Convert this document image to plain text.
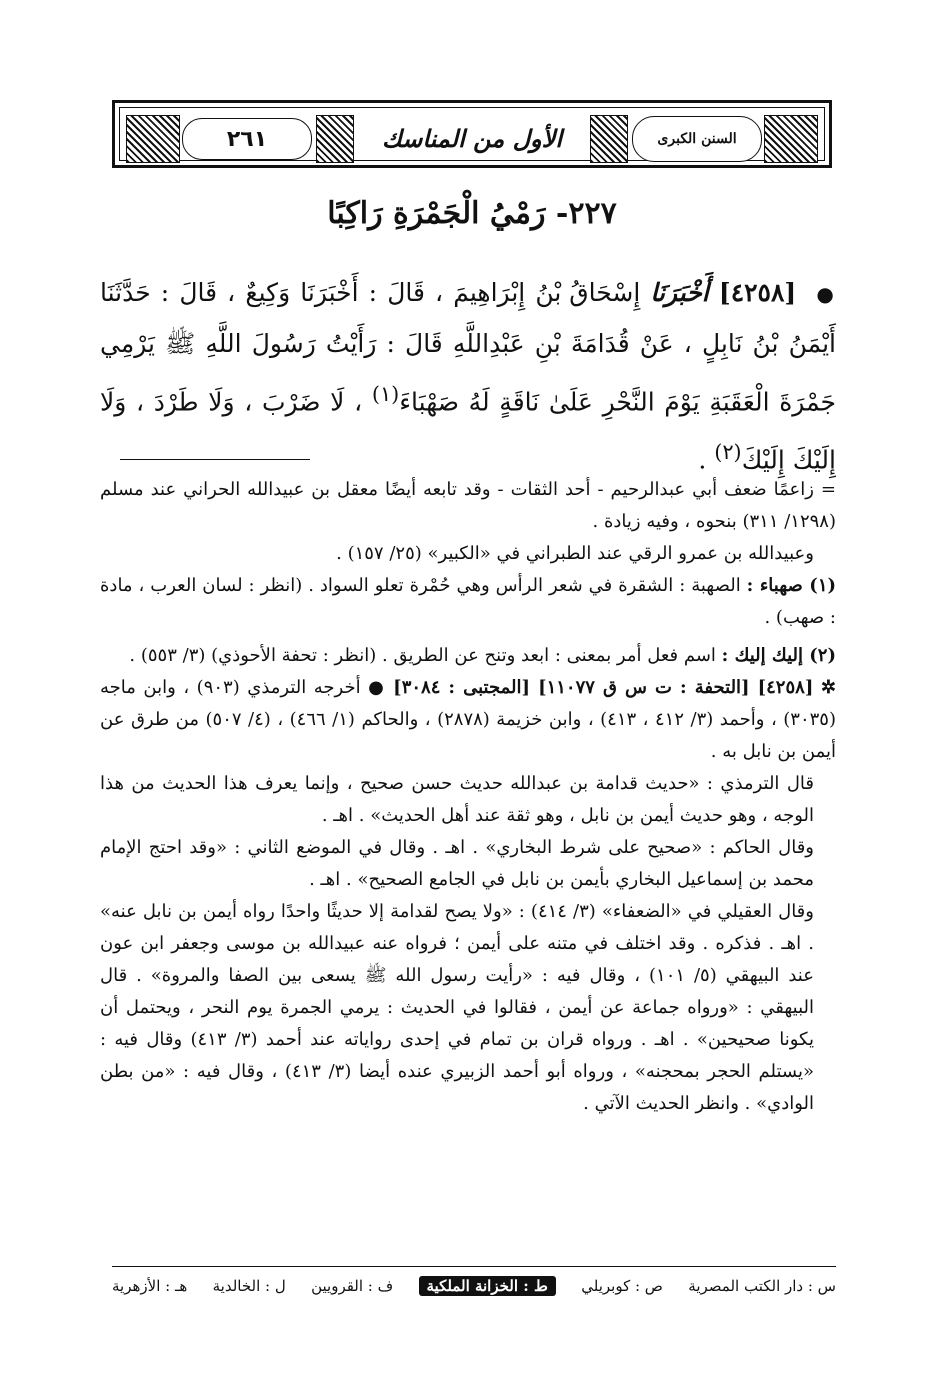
٢٦١	الأول من المناسك	السنن الكبرى
٢٢٧- رَمْيُ الْجَمْرَةِ رَاكِبًا
● [٤٢٥٨] أَخْبَرَنَا إِسْحَاقُ بْنُ إِبْرَاهِيمَ ، قَالَ : أَخْبَرَنَا وَكِيعٌ ، قَالَ : حَدَّثَنَا أَيْمَنُ بْنُ نَابِلٍ ، عَنْ قُدَامَةَ بْنِ عَبْدِاللَّهِ قَالَ : رَأَيْتُ رَسُولَ اللَّهِ ﷺ يَرْمِي جَمْرَةَ الْعَقَبَةِ يَوْمَ النَّحْرِ عَلَىٰ نَاقَةٍ لَهُ صَهْبَاءَ$^{(١)}$ ، لَا ضَرْبَ ، وَلَا طَرْدَ ، وَلَا إِلَيْكَ إِلَيْكَ$^{(٢)}$ .

= زاعمًا ضعف أبي عبدالرحيم - أحد الثقات - وقد تابعه أيضًا معقل بن عبيدالله الحراني عند مسلم (١٢٩٨/ ٣١١) بنحوه ، وفيه زيادة .

وعبيدالله بن عمرو الرقي عند الطبراني في «الكبير» (٢٥/ ١٥٧) .

(١) صهباء : الصهبة : الشقرة في شعر الرأس وهي حُمْرة تعلو السواد . (انظر : لسان العرب ، مادة : صهب) .

(٢) إليك إليك : اسم فعل أمر بمعنى : ابعد وتنح عن الطريق . (انظر : تحفة الأحوذي) (٣/ ٥٥٣) .

✲ [٤٢٥٨] [التحفة : ت س ق ١١٠٧٧] [المجتبى : ٣٠٨٤] ● أخرجه الترمذي (٩٠٣) ، وابن ماجه (٣٠٣٥) ، وأحمد (٣/ ٤١٢ ، ٤١٣) ، وابن خزيمة (٢٨٧٨) ، والحاكم (١/ ٤٦٦) ، (٤/ ٥٠٧) من طرق عن أيمن بن نابل به .

قال الترمذي : «حديث قدامة بن عبدالله حديث حسن صحيح ، وإنما يعرف هذا الحديث من هذا الوجه ، وهو حديث أيمن بن نابل ، وهو ثقة عند أهل الحديث» . اهـ .

وقال الحاكم : «صحيح على شرط البخاري» . اهـ . وقال في الموضع الثاني : «وقد احتج الإمام محمد بن إسماعيل البخاري بأيمن بن نابل في الجامع الصحيح» . اهـ .

وقال العقيلي في «الضعفاء» (٣/ ٤١٤) : «ولا يصح لقدامة إلا حديثًا واحدًا رواه أيمن بن نابل عنه» . اهـ . فذكره . وقد اختلف في متنه على أيمن ؛ فرواه عنه عبيدالله بن موسى وجعفر ابن عون عند البيهقي (٥/ ١٠١) ، وقال فيه : «رأيت رسول الله ﷺ يسعى بين الصفا والمروة» . قال البيهقي : «ورواه جماعة عن أيمن ، فقالوا في الحديث : يرمي الجمرة يوم النحر ، ويحتمل أن يكونا صحيحين» . اهـ . ورواه قران بن تمام في إحدى رواياته عند أحمد (٣/ ٤١٣) وقال فيه : «يستلم الحجر بمحجنه» ، ورواه أبو أحمد الزبيري عنده أيضا (٣/ ٤١٣) ، وقال فيه : «من بطن الوادي» . وانظر الحديث الآتي .

س : دار الكتب المصرية
ص : كوبريلي
ط : الخزانة الملكية
ف : القرويين
ل : الخالدية
هـ : الأزهرية
